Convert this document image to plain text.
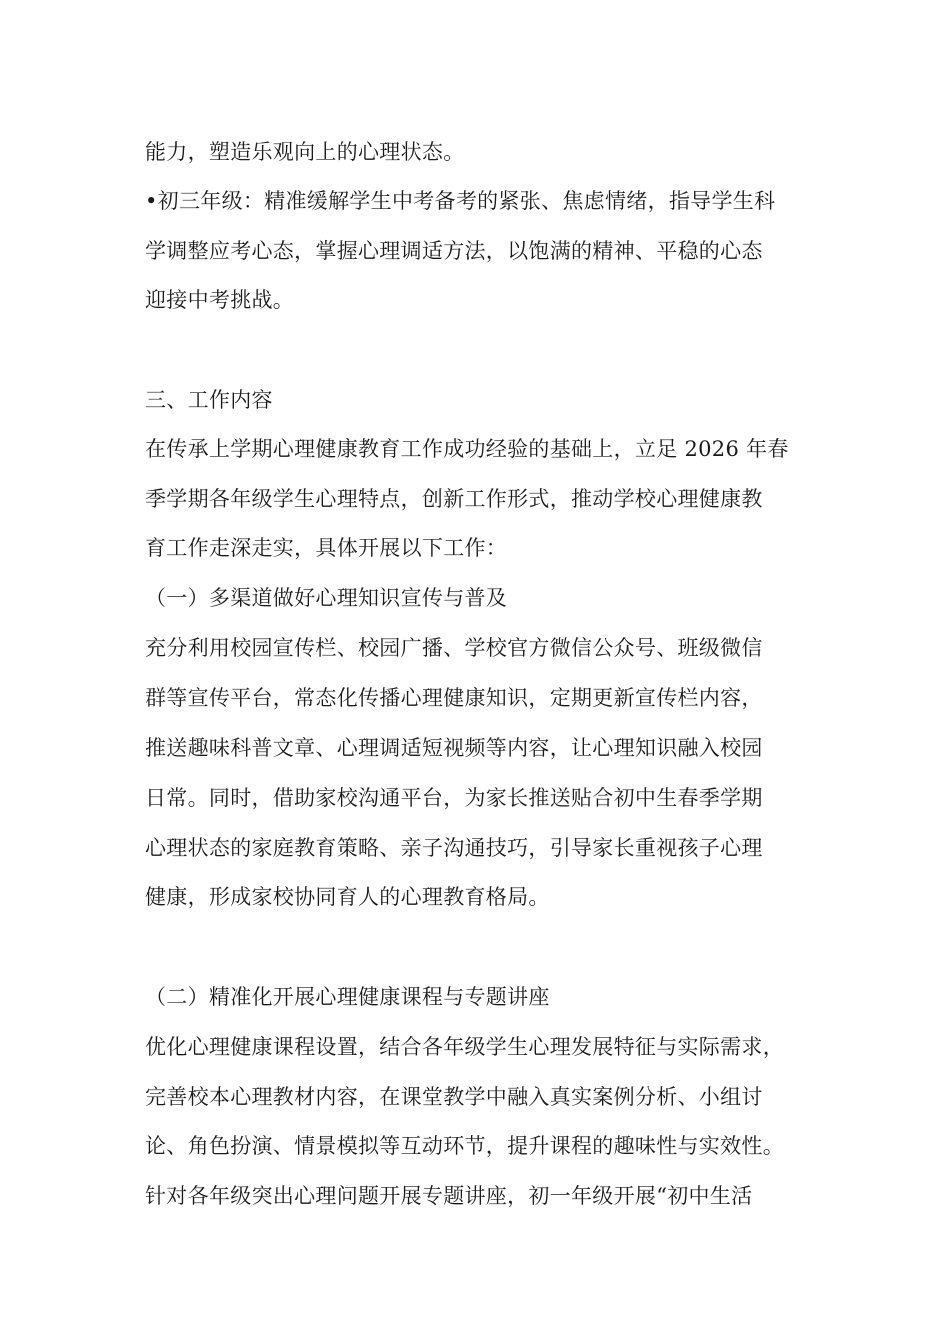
能力，塑造乐观向上的心理状态。
•初三年级：精准缓解学生中考备考的紧张、焦虑情绪，指导学生科
学调整应考心态，掌握心理调适方法，以饱满的精神、平稳的心态
迎接中考挑战。
三、工作内容
在传承上学期心理健康教育工作成功经验的基础上，立足 2026 年春
季学期各年级学生心理特点，创新工作形式，推动学校心理健康教
育工作走深走实，具体开展以下工作：
（一）多渠道做好心理知识宣传与普及
充分利用校园宣传栏、校园广播、学校官方微信公众号、班级微信
群等宣传平台，常态化传播心理健康知识，定期更新宣传栏内容，
推送趣味科普文章、心理调适短视频等内容，让心理知识融入校园
日常。同时，借助家校沟通平台，为家长推送贴合初中生春季学期
心理状态的家庭教育策略、亲子沟通技巧，引导家长重视孩子心理
健康，形成家校协同育人的心理教育格局。
（二）精准化开展心理健康课程与专题讲座
优化心理健康课程设置，结合各年级学生心理发展特征与实际需求，
完善校本心理教材内容，在课堂教学中融入真实案例分析、小组讨
论、角色扮演、情景模拟等互动环节，提升课程的趣味性与实效性。
针对各年级突出心理问题开展专题讲座，初一年级开展“初中生活
